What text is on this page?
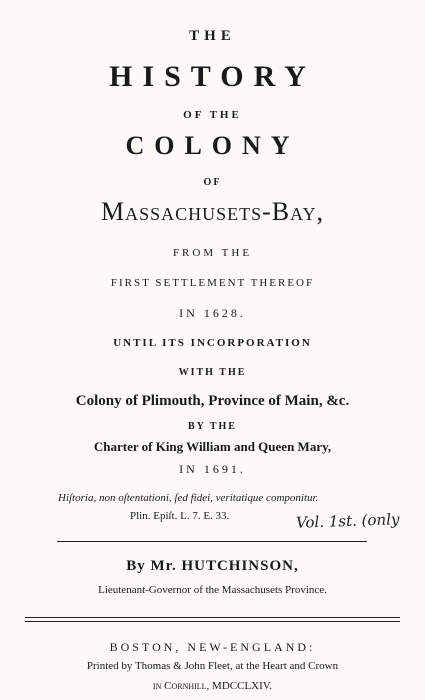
THE
HISTORY
OF THE
COLONY
OF
Massachusets-Bay,
FROM THE
FIRST SETTLEMENT THEREOF
IN 1628.
UNTIL ITS INCORPORATION
WITH THE
Colony of Plimouth, Province of Main, &c.
BY THE
Charter of King William and Queen Mary,
IN 1691.
Hiſtoria, non oſtentationi, ſed fidei, veritatique componitur.
Plin. Epiſt. L. 7. E. 33.	Vol. 1st. (only
By Mr. HUTCHINSON,
Lieutenant-Governor of the Massachusets Province.
BOSTON, NEW-ENGLAND:
Printed by Thomas & John Fleet, at the Heart and Crown
in Cornhill, MDCCLXIV.
